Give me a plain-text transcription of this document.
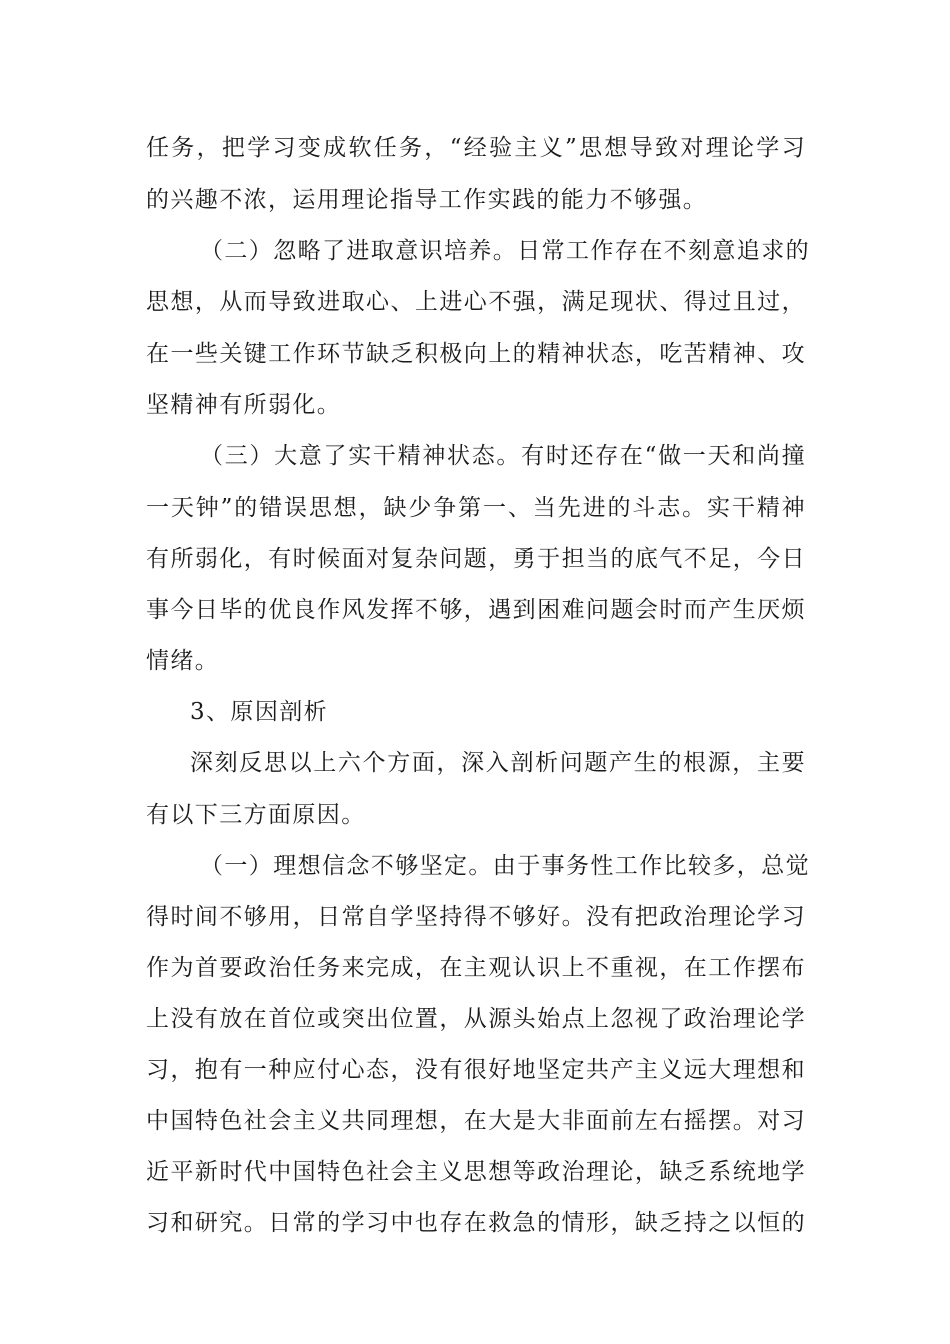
任务，把学习变成软任务，“经验主义”思想导致对理论学习
的兴趣不浓，运用理论指导工作实践的能力不够强。
（二）忽略了进取意识培养。日常工作存在不刻意追求的
思想，从而导致进取心、上进心不强，满足现状、得过且过，
在一些关键工作环节缺乏积极向上的精神状态，吃苦精神、攻
坚精神有所弱化。
（三）大意了实干精神状态。有时还存在“做一天和尚撞
一天钟”的错误思想，缺少争第一、当先进的斗志。实干精神
有所弱化，有时候面对复杂问题，勇于担当的底气不足，今日
事今日毕的优良作风发挥不够，遇到困难问题会时而产生厌烦
情绪。
3、原因剖析
深刻反思以上六个方面，深入剖析问题产生的根源，主要
有以下三方面原因。
（一）理想信念不够坚定。由于事务性工作比较多，总觉
得时间不够用，日常自学坚持得不够好。没有把政治理论学习
作为首要政治任务来完成，在主观认识上不重视，在工作摆布
上没有放在首位或突出位置，从源头始点上忽视了政治理论学
习，抱有一种应付心态，没有很好地坚定共产主义远大理想和
中国特色社会主义共同理想，在大是大非面前左右摇摆。对习
近平新时代中国特色社会主义思想等政治理论，缺乏系统地学
习和研究。日常的学习中也存在救急的情形，缺乏持之以恒的
